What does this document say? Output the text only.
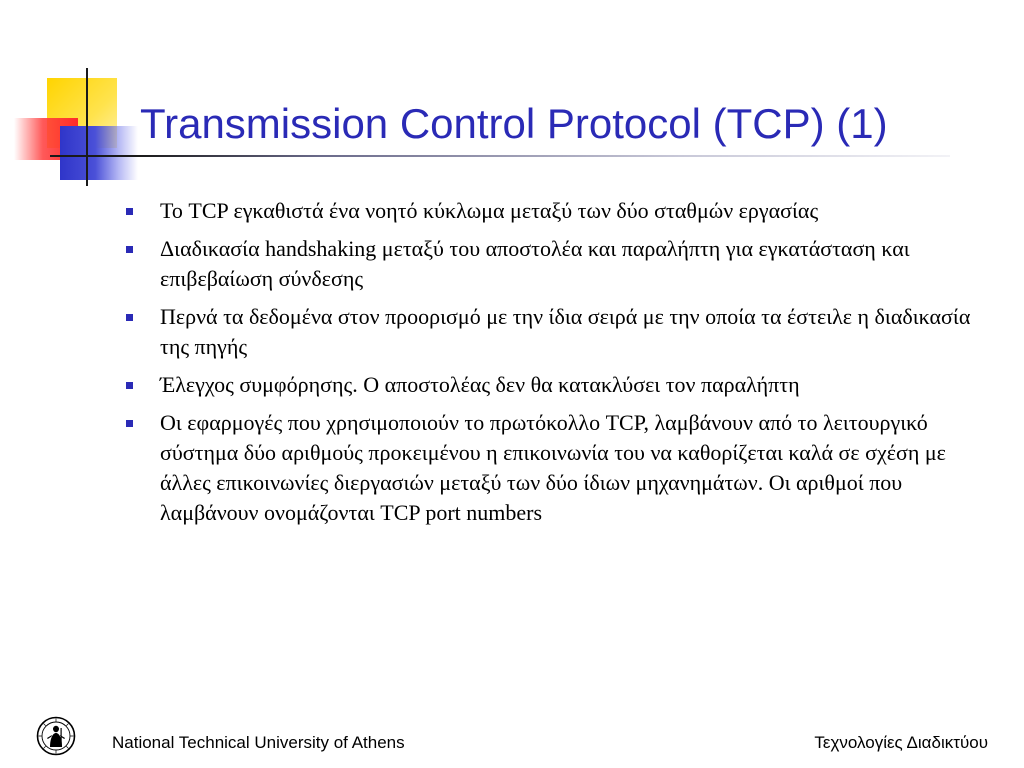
Transmission Control Protocol (TCP) (1)
Το TCP εγκαθιστά ένα νοητό κύκλωμα μεταξύ των δύο σταθμών εργασίας
Διαδικασία handshaking μεταξύ του αποστολέα και παραλήπτη για εγκατάσταση και επιβεβαίωση σύνδεσης
Περνά τα δεδομένα στον προορισμό με την ίδια σειρά με την οποία τα έστειλε η διαδικασία της πηγής
Έλεγχος συμφόρησης. Ο αποστολέας δεν θα κατακλύσει τον παραλήπτη
Οι εφαρμογές που χρησιμοποιούν το πρωτόκολλο TCP, λαμβάνουν από το λειτουργικό σύστημα δύο αριθμούς προκειμένου η επικοινωνία του να καθορίζεται καλά σε σχέση με άλλες επικοινωνίες διεργασιών μεταξύ των δύο ίδιων μηχανημάτων. Οι αριθμοί που λαμβάνουν ονομάζονται TCP port numbers
National Technical University of Athens	Τεχνολογίες Διαδικτύου
